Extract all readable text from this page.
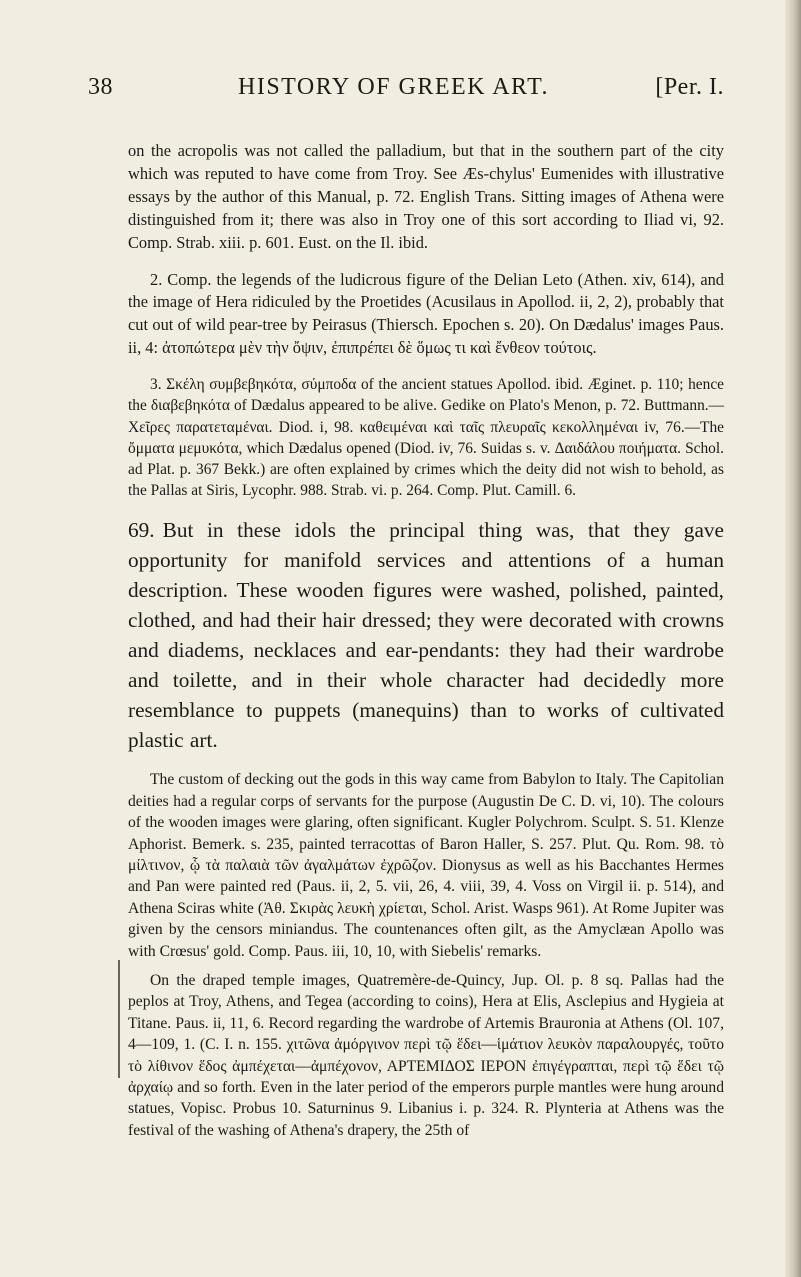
38	HISTORY OF GREEK ART.	[Per. I.

on the acropolis was not called the palladium, but that in the southern part of the city which was reputed to have come from Troy. See Æs-chylus' Eumenides with illustrative essays by the author of this Manual, p. 72. English Trans. Sitting images of Athena were distinguished from it; there was also in Troy one of this sort according to Iliad vi, 92. Comp. Strab. xiii. p. 601. Eust. on the Il. ibid.

2. Comp. the legends of the ludicrous figure of the Delian Leto (Athen. xiv, 614), and the image of Hera ridiculed by the Proetides (Acusilaus in Apollod. ii, 2, 2), probably that cut out of wild pear-tree by Peirasus (Thiersch. Epochen s. 20). On Dædalus' images Paus. ii, 4: ἀτοπώτερα μὲν τὴν ὄψιν, ἐπιπρέπει δὲ ὅμως τι καὶ ἔνθεον τούτοις.

3. Σκέλη συμβεβηκότα, σύμποδα of the ancient statues Apollod. ibid. Æginet. p. 110; hence the διαβεβηκότα of Dædalus appeared to be alive. Gedike on Plato's Menon, p. 72. Buttmann.—Χεῖρες παρατεταμέναι. Diod. i, 98. καθειμέναι καὶ ταῖς πλευραῖς κεκολλημέναι iv, 76.—The ὄμματα μεμυκότα, which Dædalus opened (Diod. iv, 76. Suidas s. v. Δαιδάλου ποιήματα. Schol. ad Plat. p. 367 Bekk.) are often explained by crimes which the deity did not wish to behold, as the Pallas at Siris, Lycophr. 988. Strab. vi. p. 264. Comp. Plut. Camill. 6.

69. But in these idols the principal thing was, that they gave opportunity for manifold services and attentions of a human description. These wooden figures were washed, polished, painted, clothed, and had their hair dressed; they were decorated with crowns and diadems, necklaces and ear-pendants: they had their wardrobe and toilette, and in their whole character had decidedly more resemblance to puppets (manequins) than to works of cultivated plastic art.

The custom of decking out the gods in this way came from Babylon to Italy. The Capitolian deities had a regular corps of servants for the purpose (Augustin De C. D. vi, 10). The colours of the wooden images were glaring, often significant. Kugler Polychrom. Sculpt. S. 51. Klenze Aphorist. Bemerk. s. 235, painted terracottas of Baron Haller, S. 257. Plut. Qu. Rom. 98. τὸ μίλτινον, ᾧ τὰ παλαιὰ τῶν ἀγαλμάτων ἐχρῶζον. Dionysus as well as his Bacchantes Hermes and Pan were painted red (Paus. ii, 2, 5. vii, 26, 4. viii, 39, 4. Voss on Virgil ii. p. 514), and Athena Sciras white (Ἀθ. Σκιρὰς λευκὴ χρίεται, Schol. Arist. Wasps 961). At Rome Jupiter was given by the censors miniandus. The countenances often gilt, as the Amyclæan Apollo was with Crœsus' gold. Comp. Paus. iii, 10, 10, with Siebelis' remarks.

On the draped temple images, Quatremère-de-Quincy, Jup. Ol. p. 8 sq. Pallas had the peplos at Troy, Athens, and Tegea (according to coins), Hera at Elis, Asclepius and Hygieia at Titane. Paus. ii, 11, 6. Record regarding the wardrobe of Artemis Brauronia at Athens (Ol. 107, 4—109, 1. (C. I. n. 155. χιτῶνα ἀμόργινον περὶ τῷ ἕδει—ἱμάτιον λευκὸν παραλουργές, τοῦτο τὸ λίθινον ἕδος ἀμπέχεται—ἀμπέχονον, ΑΡΤΕΜΙΔΟΣ ΙΕΡΟΝ ἐπιγέγραπται, περὶ τῷ ἕδει τῷ ἀρχαίῳ and so forth. Even in the later period of the emperors purple mantles were hung around statues, Vopisc. Probus 10. Saturninus 9. Libanius i. p. 324. R. Plynteria at Athens was the festival of the washing of Athena's drapery, the 25th of
